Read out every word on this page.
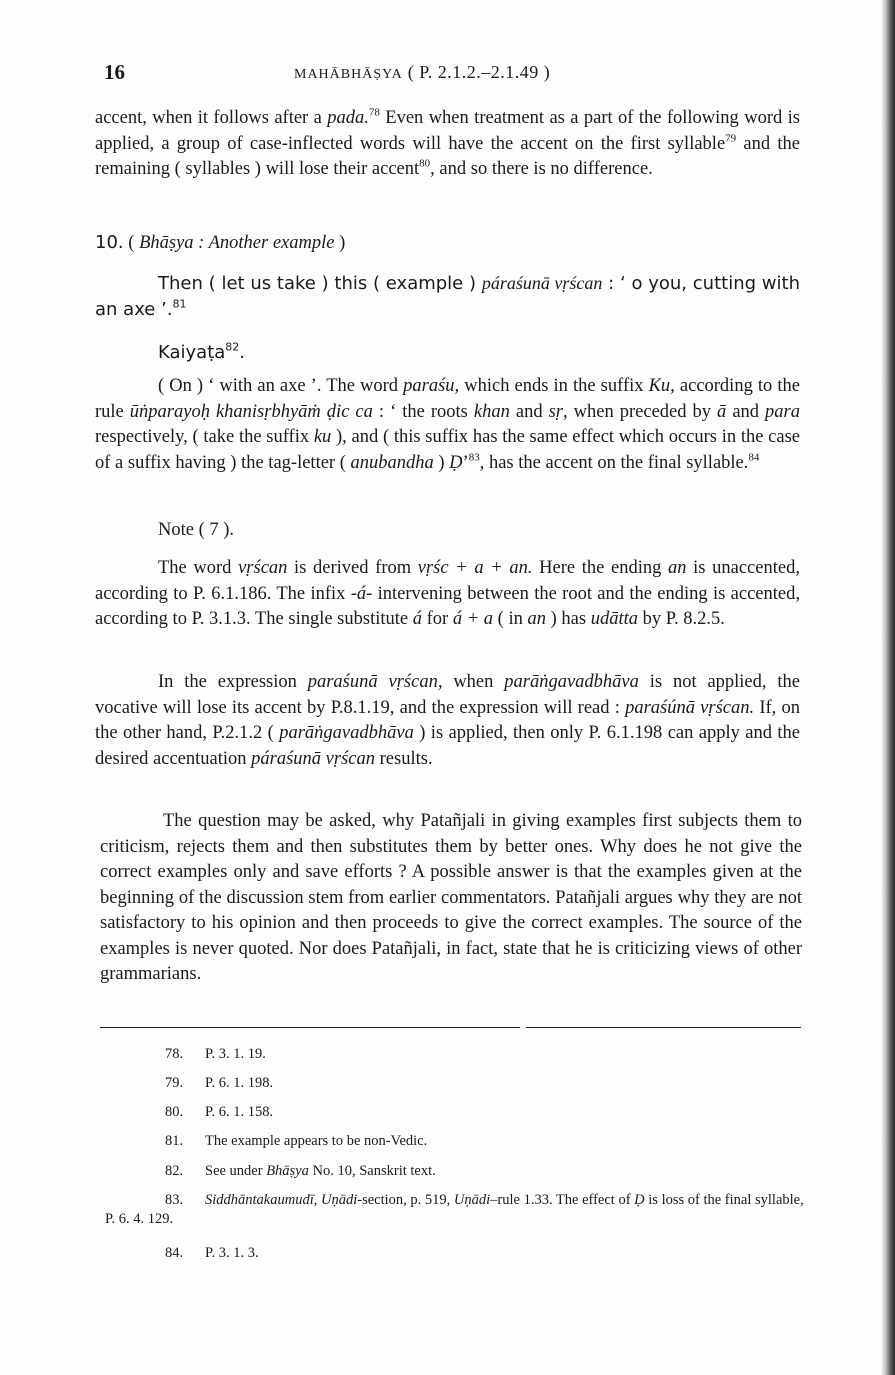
16	MAHĀBHĀṢYA ( P. 2.1.2.–2.1.49 )

accent, when it follows after a pada.$^{78}$ Even when treatment as a part of the following word is applied, a group of case-inflected words will have the accent on the first syllable$^{79}$ and the remaining ( syllables ) will lose their accent$^{80}$, and so there is no difference.

10. ( Bhāṣya : Another example )

Then ( let us take ) this ( example ) páraśunā vṛścan : ‘ o you, cutting with an axe ’.$^{81}$

Kaiyaṭa$^{82}$.

( On ) ‘ with an axe ’. The word paraśu, which ends in the suffix Ku, according to the rule ūṅparayoḥ khanisṛbhyāṁ ḍic ca : ‘ the roots khan and sṛ, when preceded by ā and para respectively, ( take the suffix ku ), and ( this suffix has the same effect which occurs in the case of a suffix having ) the tag-letter ( anubandha ) Ḍ’$^{83}$, has the accent on the final syllable.$^{84}$

Note ( 7 ).

The word vṛścan is derived from vṛśc + a + an. Here the ending an is unaccented, according to P. 6.1.186. The infix -á- intervening between the root and the ending is accented, according to P. 3.1.3. The single substitute á for á + a ( in an ) has udātta by P. 8.2.5.

In the expression paraśunā vṛścan, when parāṅgavadbhāva is not applied, the vocative will lose its accent by P.8.1.19, and the expression will read : paraśúnā vṛścan. If, on the other hand, P.2.1.2 ( parāṅgavadbhāva ) is applied, then only P. 6.1.198 can apply and the desired accentuation páraśunā vṛścan results.

The question may be asked, why Patañjali in giving examples first subjects them to criticism, rejects them and then substitutes them by better ones. Why does he not give the correct examples only and save efforts ? A possible answer is that the examples given at the beginning of the discussion stem from earlier commentators. Patañjali argues why they are not satisfactory to his opinion and then proceeds to give the correct examples. The source of the examples is never quoted. Nor does Patañjali, in fact, state that he is criticizing views of other grammarians.

78. P. 3. 1. 19.
79. P. 6. 1. 198.
80. P. 6. 1. 158.
81. The example appears to be non-Vedic.
82. See under Bhāṣya No. 10, Sanskrit text.
83. Siddhāntakaumudī, Uṇādi-section, p. 519, Uṇādi–rule 1.33. The effect of Ḍ is loss of the final syllable, P. 6. 4. 129.
84. P. 3. 1. 3.
